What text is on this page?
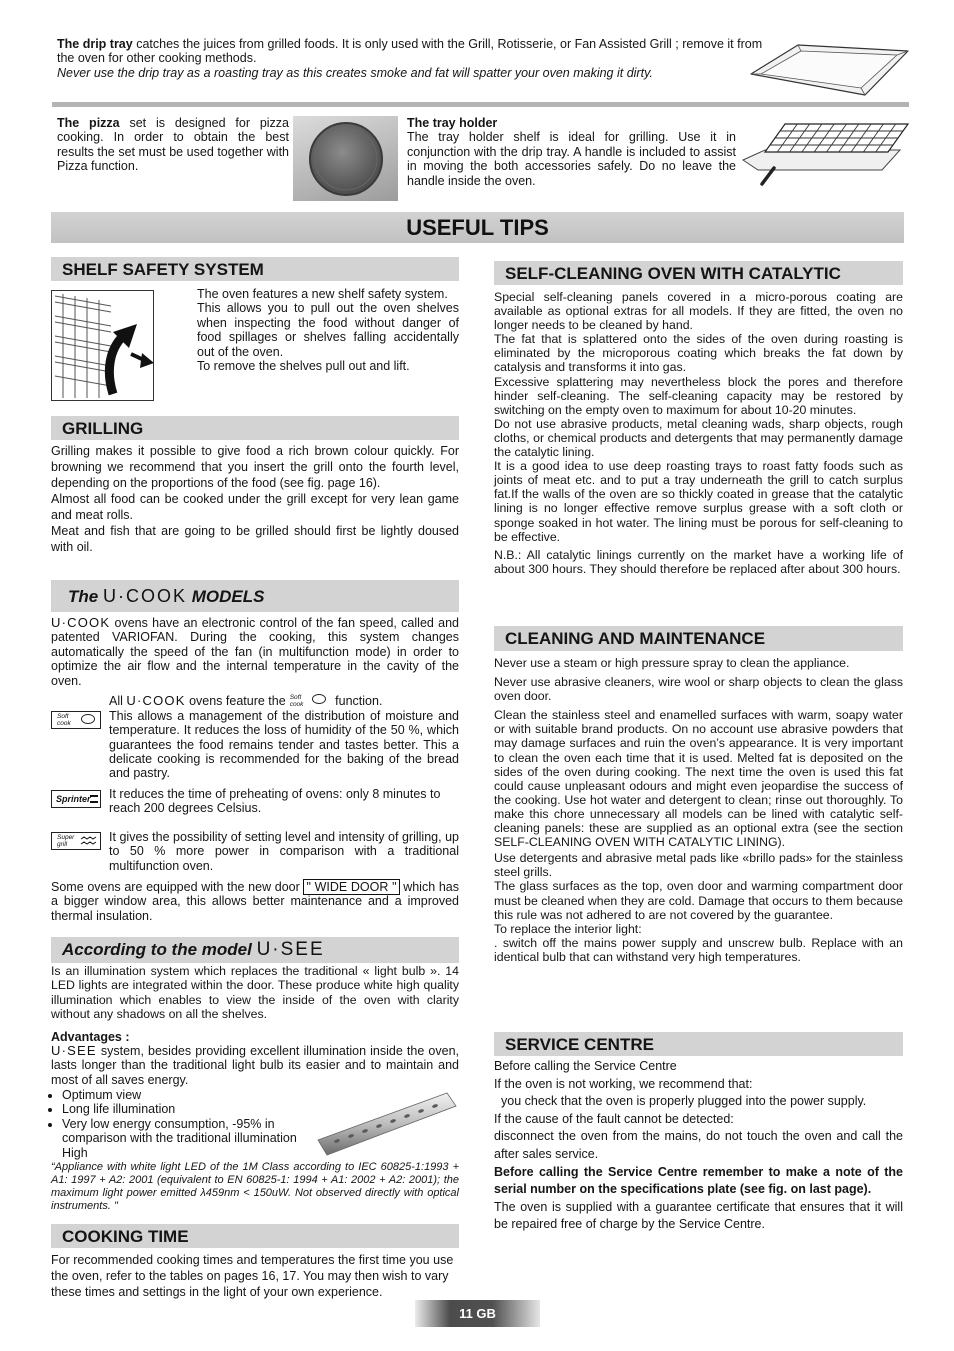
The drip tray catches the juices from grilled foods. It is only used with the Grill, Rotisserie, or Fan Assisted Grill ; remove it from the oven for other cooking methods.

Never use the drip tray as a roasting tray as this creates smoke and fat will spatter your oven making it dirty.

The pizza set is designed for pizza cooking. In order to obtain the best results the set must be used together with Pizza function.

The tray holder

The tray holder shelf is ideal for grilling. Use it in conjunction with the drip tray. A handle is included to assist in moving the both accessories safely. Do no leave the handle inside the oven.

USEFUL TIPS
SHELF SAFETY SYSTEM

The oven features a new shelf safety system.

This allows you to pull out the oven shelves when inspecting the food without danger of food spillages or shelves falling accidentally out of the oven.

To remove the shelves pull out and lift.

GRILLING

Grilling makes it possible to give food a rich brown colour quickly. For browning we recommend that you insert the grill onto the fourth level, depending on the proportions of the food (see fig. page 16).

Almost all food can be cooked under the grill except for very lean game and meat rolls.

Meat and fish that are going to be grilled should first be lightly doused with oil.

The U·COOK MODELS

U·COOK ovens have an electronic control of the fan speed, called and patented VARIOFAN. During the cooking, this system changes automatically the speed of the fan (in multifunction mode) in order to optimize the air flow and the internal temperature in the cavity of the oven.

Soft cook

All U·COOK ovens feature the Soft cook	function.

This allows a management of the distribution of moisture and temperature. It reduces the loss of humidity of the 50 %, which guarantees the food remains tender and tastes better. This a delicate cooking is recommended for the baking of the bread and pastry.

Sprinter It reduces the time of preheating of ovens: only 8 minutes to reach 200 degrees Celsius.
Super grill	It gives the possibility of setting level and intensity of grilling, up to 50 % more power in comparison with a traditional multifunction oven.

Some ovens are equipped with the new door " WIDE DOOR " which has a bigger window area, this allows better maintenance and a improved thermal insulation.

According to the model U·SEE
Is an illumination system which replaces the traditional « light bulb ». 14 LED lights are integrated within the door. These produce white high quality illumination which enables to view the inside of the oven with clarity without any shadows on all the shelves.
Advantages :

U·SEE system, besides providing excellent illumination inside the oven, lasts longer than the traditional light bulb its easier and to maintain and most of all saves energy.

• Optimum view
• Long life illumination
• Very low energy consumption, -95% in comparison with the traditional illumination High
“Appliance with white light LED of the 1M Class according to IEC 60825-1:1993 + A1: 1997 + A2: 2001 (equivalent to EN 60825-1: 1994 + A1: 2002 + A2: 2001); the maximum light power emitted λ459nm < 150uW. Not observed directly with optical instruments. "
COOKING TIME
For recommended cooking times and temperatures the first time you use the oven, refer to the tables on pages 16, 17. You may then wish to vary these times and settings in the light of your own experience.
SELF-CLEANING OVEN WITH CATALYTIC

Special self-cleaning panels covered in a micro-porous coating are available as optional extras for all models. If they are fitted, the oven no longer needs to be cleaned by hand.

The fat that is splattered onto the sides of the oven during roasting is eliminated by the microporous coating which breaks the fat down by catalysis and transforms it into gas.

Excessive splattering may nevertheless block the pores and therefore hinder self-cleaning. The self-cleaning capacity may be restored by switching on the empty oven to maximum for about 10-20 minutes.

Do not use abrasive products, metal cleaning wads, sharp objects, rough cloths, or chemical products and detergents that may permanently damage the catalytic lining.

It is a good idea to use deep roasting trays to roast fatty foods such as joints of meat etc. and to put a tray underneath the grill to catch surplus fat.If the walls of the oven are so thickly coated in grease that the catalytic lining is no longer effective remove surplus grease with a soft cloth or sponge soaked in hot water. The lining must be porous for self-cleaning to be effective.

N.B.: All catalytic linings currently on the market have a working life of about 300 hours. They should therefore be replaced after about 300 hours.

CLEANING AND MAINTENANCE

Never use a steam or high pressure spray to clean the appliance.

Never use abrasive cleaners, wire wool or sharp objects to clean the glass oven door.

Clean the stainless steel and enamelled surfaces with warm, soapy water or with suitable brand products. On no account use abrasive powders that may damage surfaces and ruin the oven’s appearance. It is very important to clean the oven each time that it is used. Melted fat is deposited on the sides of the oven during cooking. The next time the oven is used this fat could cause unpleasant odours and might even jeopardise the success of the cooking. Use hot water and detergent to clean; rinse out thoroughly. To make this chore unnecessary all models can be lined with catalytic self-cleaning panels: these are supplied as an optional extra (see the section SELF-CLEANING OVEN WITH CATALYTIC LINING).

Use detergents and abrasive metal pads like «brillo pads» for the stainless steel grills.

The glass surfaces as the top, oven door and warming compartment door must be cleaned when they are cold. Damage that occurs to them because this rule was not adhered to are not covered by the guarantee.

To replace the interior light:

. switch off the mains power supply and unscrew bulb. Replace with an identical bulb that can withstand very high temperatures.

SERVICE CENTRE

Before calling the Service Centre

If the oven is not working, we recommend that:

you check that the oven is properly plugged into the power supply.

If the cause of the fault cannot be detected:

disconnect the oven from the mains, do not touch the oven and call the after sales service.

Before calling the Service Centre remember to make a note of the serial number on the specifications plate (see fig. on last page).

The oven is supplied with a guarantee certificate that ensures that it will be repaired free of charge by the Service Centre.

11 GB
